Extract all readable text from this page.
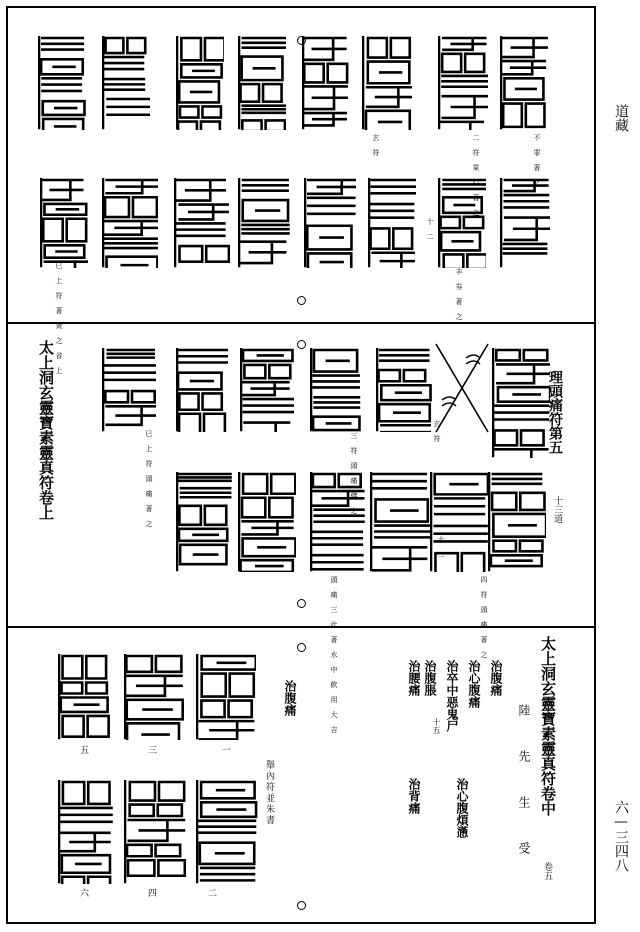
道藏
六—三四八
不 罪 著 之
二 符 果 心 著 之
玄 符
十 二
丰 券 著 之
巳 上 符 著 衆 之 省 上
太上洞玄靈寶素靈真符卷上	理頭痛符第五
十三道
四 符 頭 痛 著 之
玄 符
三 符 頭 痛 佛 之
巳 上 符 頭 痛 著 之
頭 痛 三 此 著 水 中 飲 用 大 吉
十 二
太上洞玄靈寶素靈真符卷中
陸 先 生 受
卷五
治腹痛
治心腹痛
治卒中惡鬼尸
治腹脹
治心腹煩懣
治腰痛
治背痛
十五
治腹痛
舉內符並朱書
一
二
三
四
五
六
